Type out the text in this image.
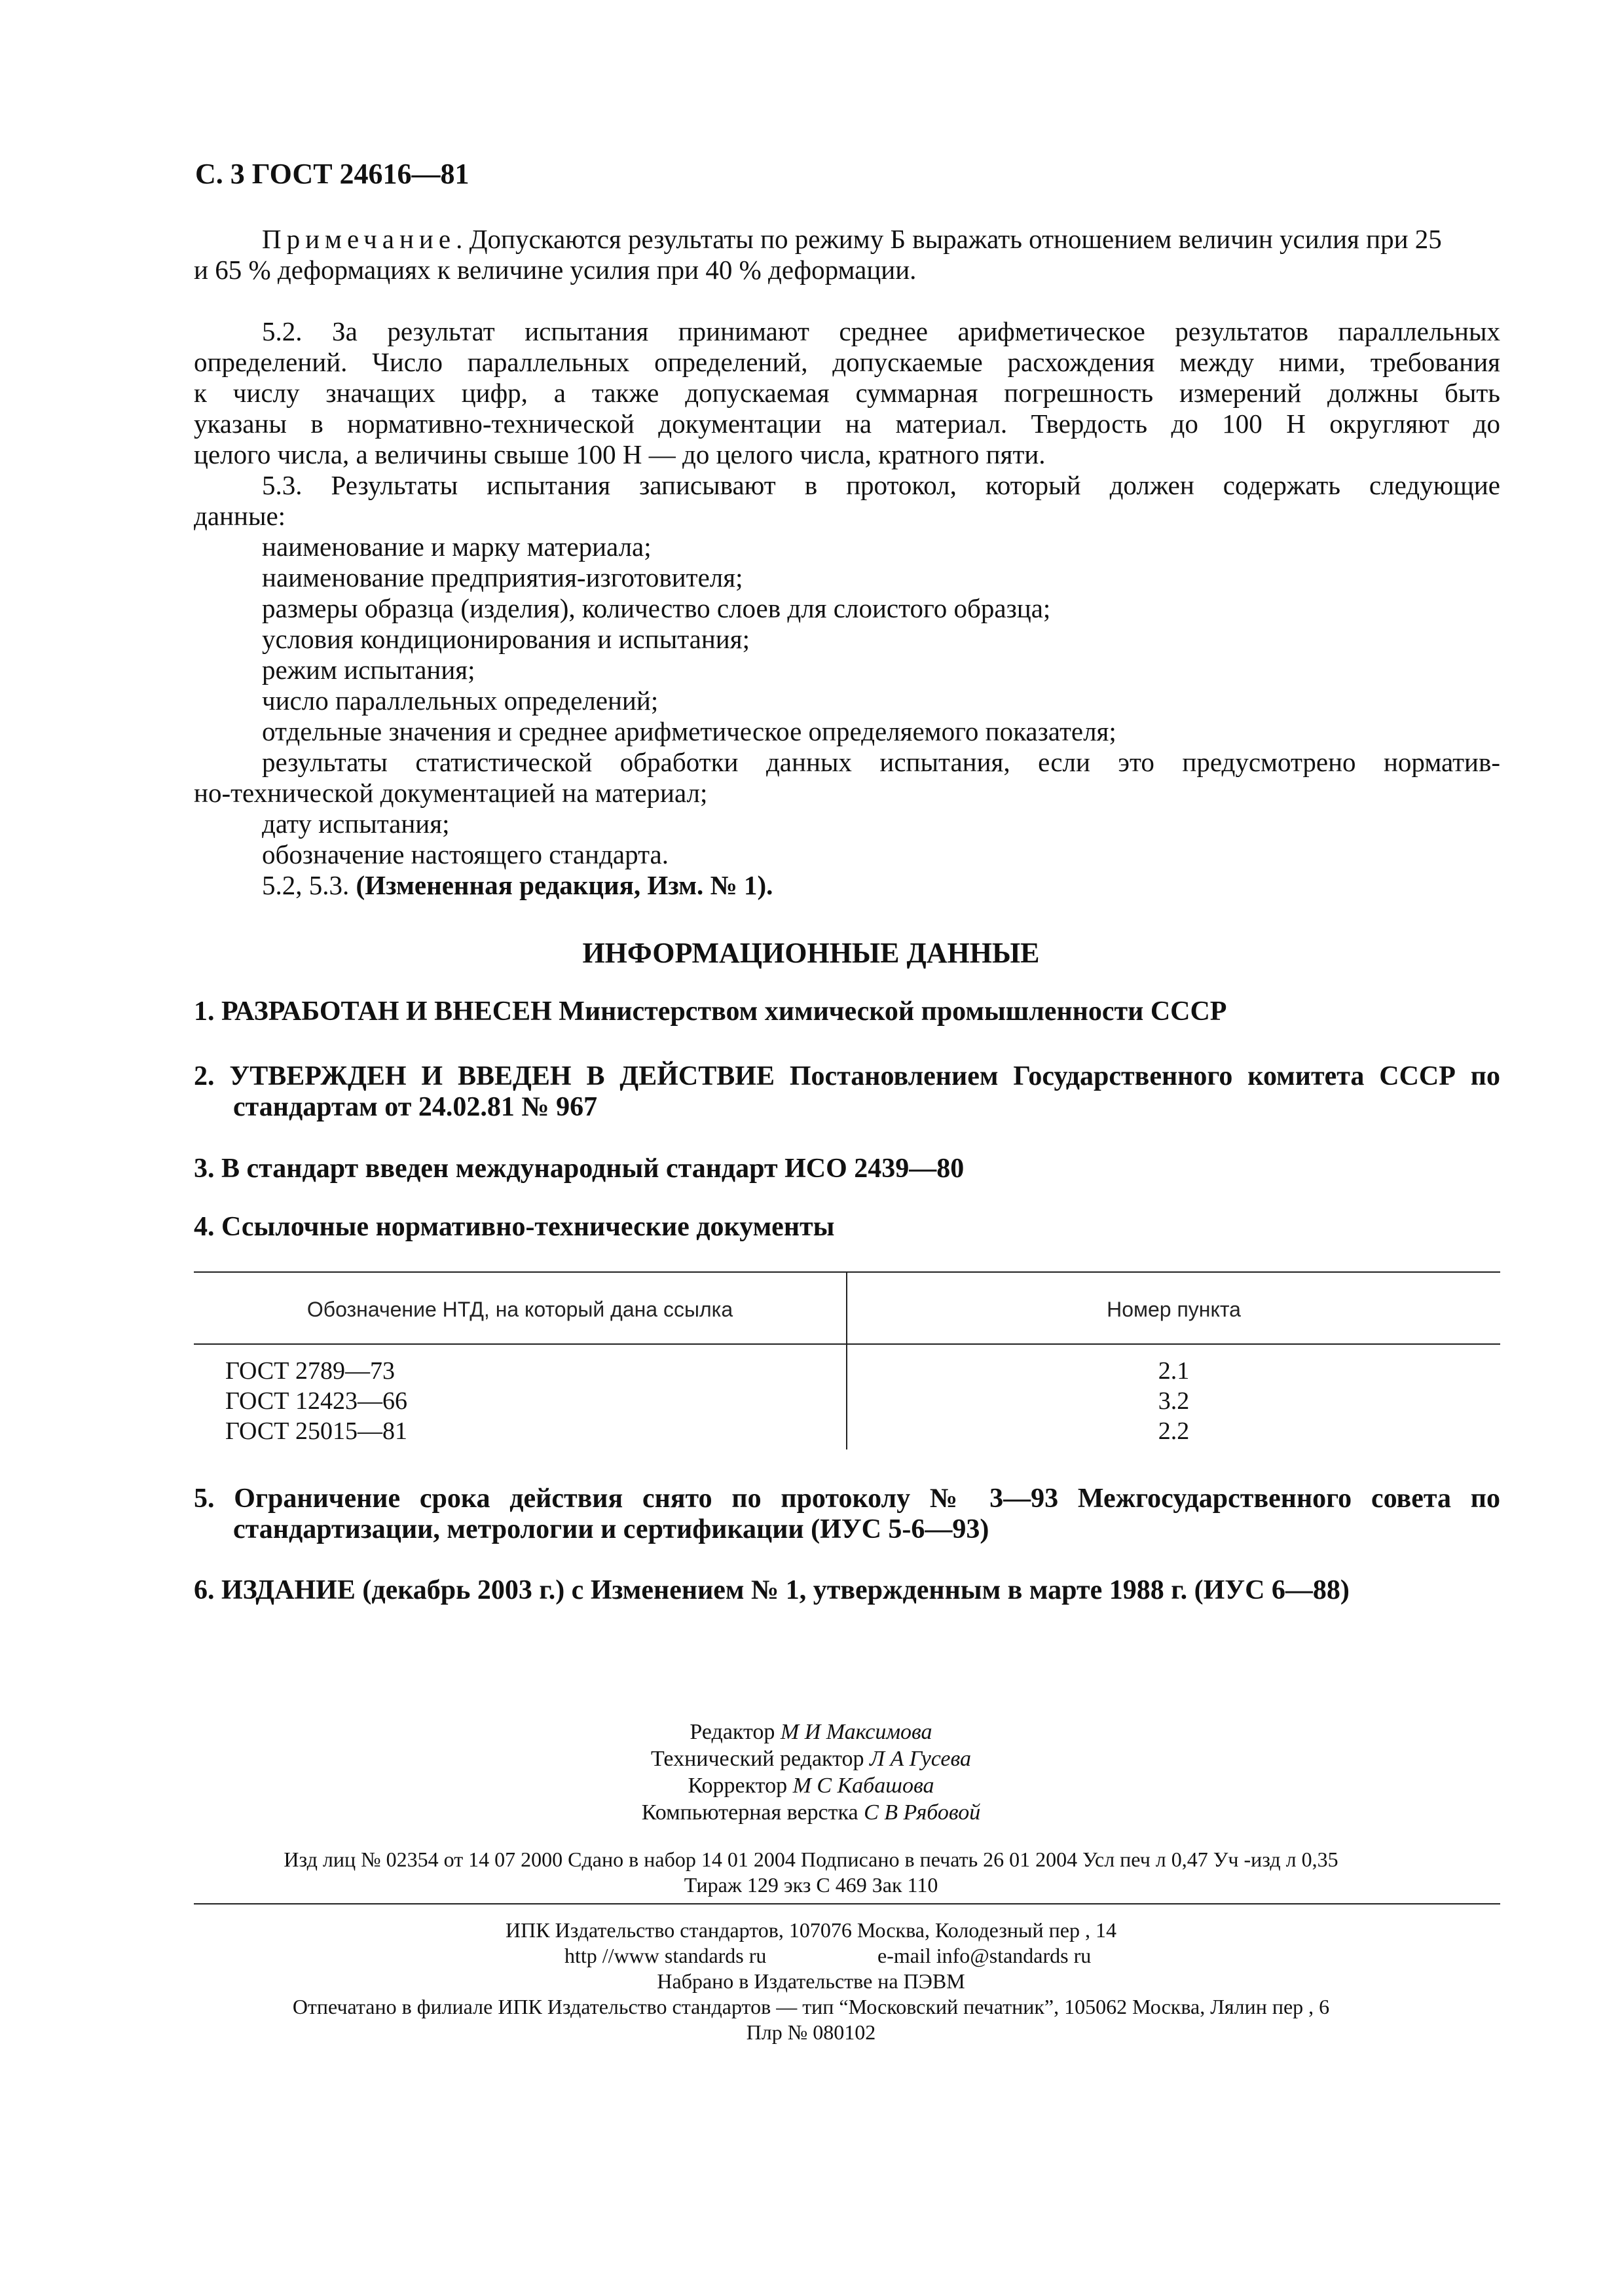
С. 3 ГОСТ 24616—81
Примечание. Допускаются результаты по режиму Б выражать отношением величин усилия при 25
и 65 % деформациях к величине усилия при 40 % деформации.
5.2. За результат испытания принимают среднее арифметическое результатов параллельных
определений. Число параллельных определений, допускаемые расхождения между ними, требования
к числу значащих цифр, а также допускаемая суммарная погрешность измерений должны быть
указаны в нормативно-технической документации на материал. Твердость до 100 Н округляют до
целого числа, а величины свыше 100 Н — до целого числа, кратного пяти.
5.3. Результаты испытания записывают в протокол, который должен содержать следующие
данные:
наименование и марку материала;
наименование предприятия-изготовителя;
размеры образца (изделия), количество слоев для слоистого образца;
условия кондиционирования и испытания;
режим испытания;
число параллельных определений;
отдельные значения и среднее арифметическое определяемого показателя;
результаты статистической обработки данных испытания, если это предусмотрено норматив-
но-технической документацией на материал;
дату испытания;
обозначение настоящего стандарта.
5.2, 5.3. (Измененная редакция, Изм. № 1).
ИНФОРМАЦИОННЫЕ ДАННЫЕ
1. РАЗРАБОТАН И ВНЕСЕН Министерством химической промышленности СССР
2. УТВЕРЖДЕН И ВВЕДЕН В ДЕЙСТВИЕ Постановлением Государственного комитета СССР по
стандартам от 24.02.81 № 967
3. В стандарт введен международный стандарт ИСО 2439—80
4. Ссылочные нормативно-технические документы
Обозначение НТД, на который дана ссылка	Номер пункта
ГОСТ 2789—73	2.1
ГОСТ 12423—66	3.2
ГОСТ 25015—81	2.2
5. Ограничение срока действия снято по протоколу № 3—93 Межгосударственного совета по
стандартизации, метрологии и сертификации (ИУС 5-6—93)
6. ИЗДАНИЕ (декабрь 2003 г.) с Изменением № 1, утвержденным в марте 1988 г. (ИУС 6—88)
Редактор М И Максимова
Технический редактор Л А Гусева
Корректор М С Кабашова
Компьютерная верстка С В Рябовой
Изд лиц № 02354 от 14 07 2000 Сдано в набор 14 01 2004 Подписано в печать 26 01 2004 Усл печ л 0,47 Уч -изд л 0,35
Тираж 129 экз С 469 Зак 110
ИПК Издательство стандартов, 107076 Москва, Колодезный пер , 14
http //www standards ru	e-mail info@standards ru
Набрано в Издательстве на ПЭВМ
Отпечатано в филиале ИПК Издательство стандартов — тип “Московский печатник”, 105062 Москва, Лялин пер , 6
Плр № 080102
